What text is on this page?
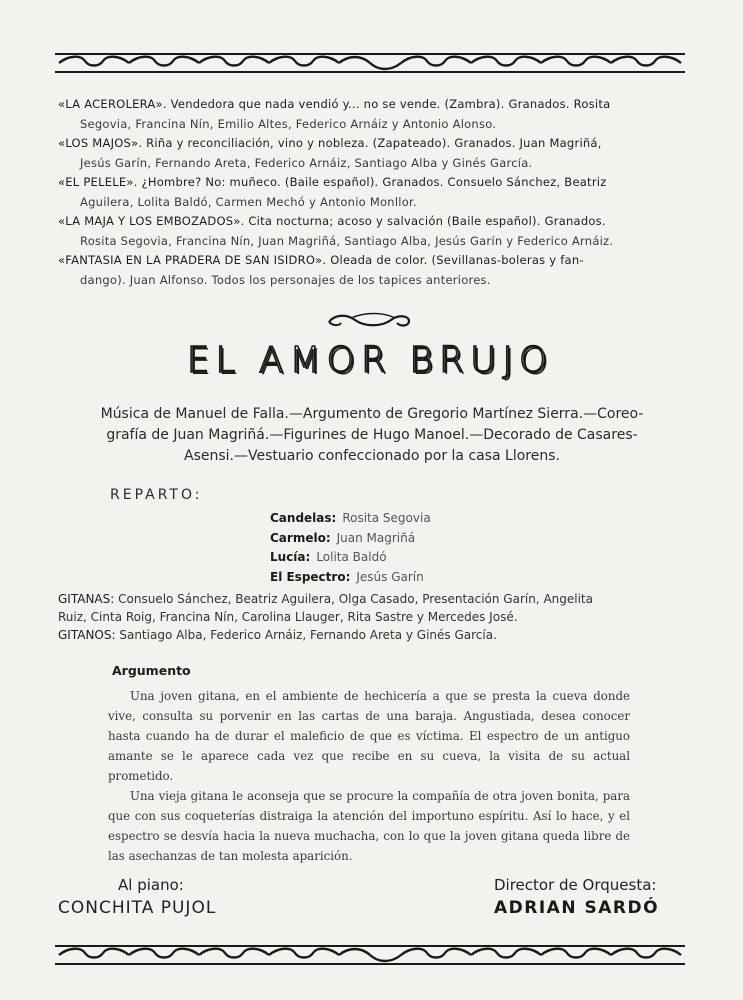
«LA ACEROLERA». Vendedora que nada vendió y... no se vende. (Zambra). Granados. Rosita

Segovia, Francina Nín, Emilio Altes, Federico Arnáiz y Antonio Alonso.

«LOS MAJOS». Riña y reconciliación, vino y nobleza. (Zapateado). Granados. Juan Magriñá,

Jesús Garín, Fernando Areta, Federico Arnáiz, Santiago Alba y Ginés García.

«EL PELELE». ¿Hombre? No: muñeco. (Baile español). Granados. Consuelo Sánchez, Beatriz

Aguilera, Lolita Baldó, Carmen Mechó y Antonio Monllor.

«LA MAJA Y LOS EMBOZADOS». Cita nocturna; acoso y salvación (Baile español). Granados.

Rosita Segovia, Francina Nín, Juan Magriñá, Santiago Alba, Jesús Garín y Federico Arnáiz.

«FANTASIA EN LA PRADERA DE SAN ISIDRO». Oleada de color. (Sevillanas-boleras y fan-

dango). Juan Alfonso. Todos los personajes de los tapices anteriores.

EL AMOR BRUJO

Música de Manuel de Falla.—Argumento de Gregorio Martínez Sierra.—Coreo-

grafía de Juan Magriñá.—Figurines de Hugo Manoel.—Decorado de Casares-

Asensi.—Vestuario confeccionado por la casa Llorens.

REPARTO:
Candelas: Rosita Segovia
Carmelo: Juan Magriñá
Lucía: Lolita Baldó
El Espectro: Jesús Garín

GITANAS: Consuelo Sánchez, Beatriz Aguilera, Olga Casado, Presentación Garín, Angelita

Ruiz, Cinta Roig, Francina Nín, Carolina Llauger, Rita Sastre y Mercedes José.

GITANOS: Santiago Alba, Federico Arnáiz, Fernando Areta y Ginés García.

Argumento

Una joven gitana, en el ambiente de hechicería a que se presta la cueva donde vive, consulta su porvenir en las cartas de una baraja. Angustiada, desea conocer hasta cuando ha de durar el maleficio de que es víctima. El espectro de un antiguo amante se le aparece cada vez que recibe en su cueva, la visita de su actual prometido.

Una vieja gitana le aconseja que se procure la compañía de otra joven bonita, para que con sus coqueterías distraiga la atención del importuno espíritu. Así lo hace, y el espectro se desvía hacia la nueva muchacha, con lo que la joven gitana queda libre de las asechanzas de tan molesta aparición.

Al piano:
CONCHITA PUJOL
Director de Orquesta:
ADRIAN SARDÓ
